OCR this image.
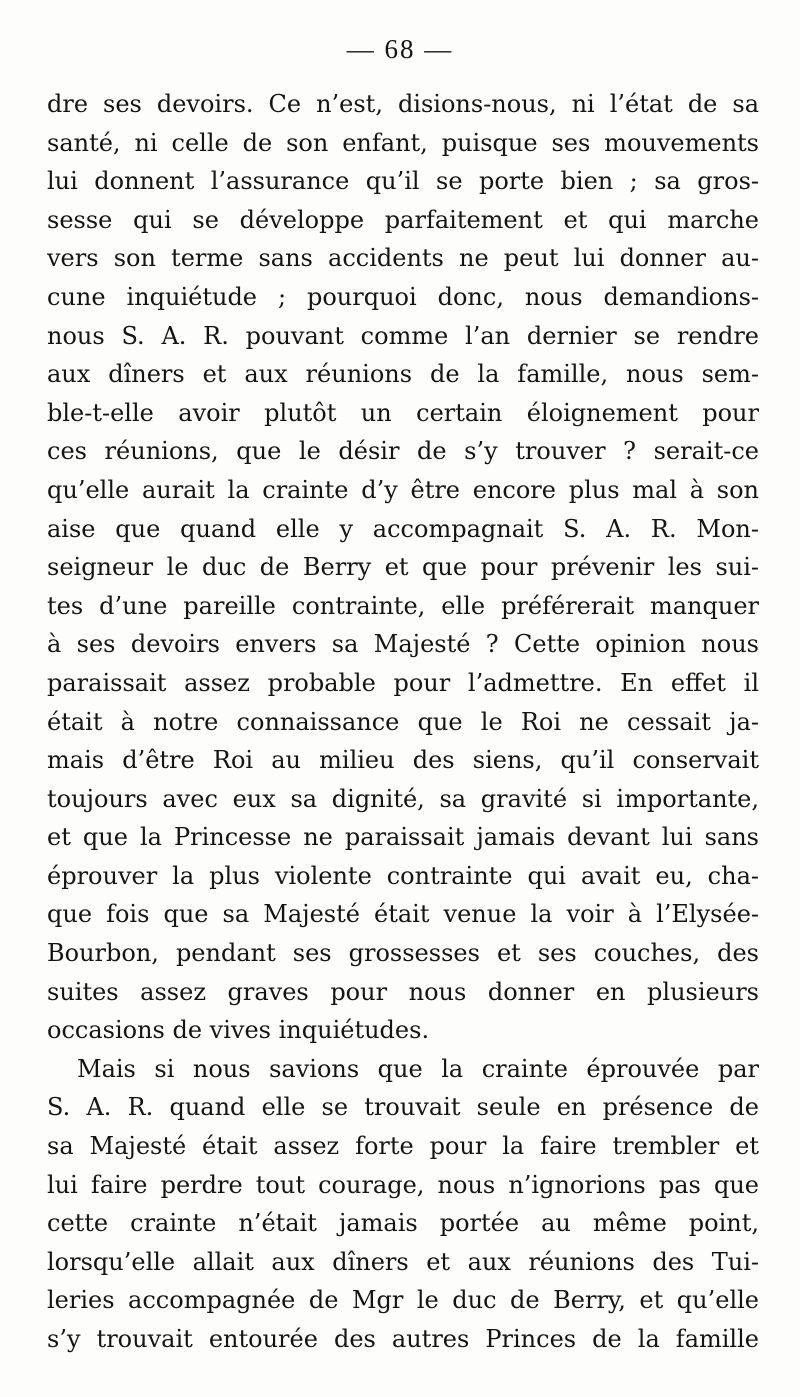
— 68 —
dre ses devoirs. Ce n’est, disions-nous, ni l’état de sa
santé, ni celle de son enfant, puisque ses mouvements
lui donnent l’assurance qu’il se porte bien ; sa gros-
sesse qui se développe parfaitement et qui marche
vers son terme sans accidents ne peut lui donner au-
cune inquiétude ; pourquoi donc, nous demandions-
nous S. A. R. pouvant comme l’an dernier se rendre
aux dîners et aux réunions de la famille, nous sem-
ble-t-elle avoir plutôt un certain éloignement pour
ces réunions, que le désir de s’y trouver ? serait-ce
qu’elle aurait la crainte d’y être encore plus mal à son
aise que quand elle y accompagnait S. A. R. Mon-
seigneur le duc de Berry et que pour prévenir les sui-
tes d’une pareille contrainte, elle préférerait manquer
à ses devoirs envers sa Majesté ? Cette opinion nous
paraissait assez probable pour l’admettre. En effet il
était à notre connaissance que le Roi ne cessait ja-
mais d’être Roi au milieu des siens, qu’il conservait
toujours avec eux sa dignité, sa gravité si importante,
et que la Princesse ne paraissait jamais devant lui sans
éprouver la plus violente contrainte qui avait eu, cha-
que fois que sa Majesté était venue la voir à l’Elysée-
Bourbon, pendant ses grossesses et ses couches, des
suites assez graves pour nous donner en plusieurs
occasions de vives inquiétudes.
Mais si nous savions que la crainte éprouvée par
S. A. R. quand elle se trouvait seule en présence de
sa Majesté était assez forte pour la faire trembler et
lui faire perdre tout courage, nous n’ignorions pas que
cette crainte n’était jamais portée au même point,
lorsqu’elle allait aux dîners et aux réunions des Tui-
leries accompagnée de Mgr le duc de Berry, et qu’elle
s’y trouvait entourée des autres Princes de la famille
